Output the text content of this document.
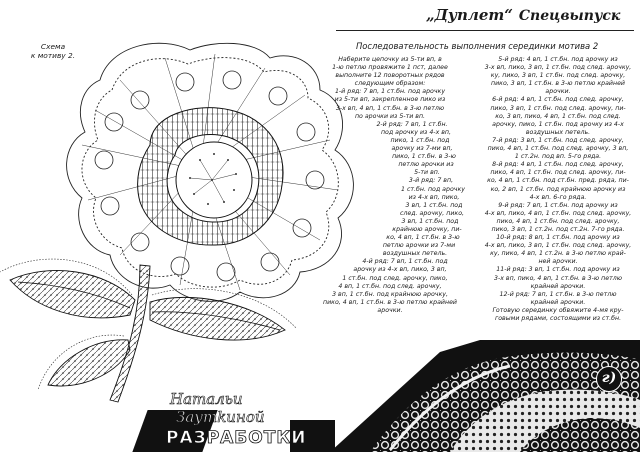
„Дуплет“ Спецвыпуск
Последовательность выполнения серединки мотива 2
Схема
к мотиву 2.	Наберите цепочку из 5-ти вп, в

1-ю петлю провяжите 1 пст, далее

выполните 12 поворотных рядов

следующим образом:

1-й ряд: 7 вп, 1 ст.бн. под арочку

из 5-ти вп, закрепленное пико из

3-х вп, 4 вп, 1 ст.бн. в 3-ю петлю

по арочки из 5-ти вп.

2-й ряд: 7 вп, 1 ст.бн.

под арочку из 4-х вп,

пико, 1 ст.бн. под

арочку из 7-ми вп,

пико, 1 ст.бн. в 3-ю

петлю арочки из

5-ти вп.

3-й ряд: 7 вп,

1 ст.бн. под арочку

из 4-х вп, пико,

3 вп, 1 ст.бн. под

след. арочку, пико,

3 вп, 1 ст.бн. под

крайнюю арочку, пи-

ко, 4 вп, 1 ст.бн. в 3-ю

петлю арочки из 7-ми

воздушных петель.

4-й ряд: 7 вп, 1 ст.бн. под

арочку из 4-х вп, пико, 3 вп,

1 ст.бн. под след. арочку, пико,

4 вп, 1 ст.бн. под след. арочку,

3 вп, 1 ст.бн. под крайнюю арочку,

пико, 4 вп, 1 ст.бн. в 3-ю петлю крайней

арочки.

5-й ряд: 4 вп, 1 ст.бн. под арочку из

3-х вп, пико, 3 вп, 1 ст.бн. под след. арочку,

ку, пико, 3 вп, 1 ст.бн. под след. арочку,

пико, 3 вп, 1 ст.бн. в 3-ю петлю крайней

арочки.

6-й ряд: 4 вп, 1 ст.бн. под след. арочку,

пико, 3 вп, 1 ст.бн. под след. арочку, пи-

ко, 3 вп, пико, 4 вп, 1 ст.бн. под след.

арочку, пико, 1 ст.бн. под арочку из 4-х

воздушных петель.

7-й ряд: 3 вп, 1 ст.бн. под след. арочку,

пико, 4 вп, 1 ст.бн. под след. арочку, 3 вп,

1 ст.2н. под вп. 5-го ряда.

8-й ряд: 4 вп, 1 ст.бн. под след. арочку,

пико, 4 вп, 1 ст.бн. под след. арочку, пи-

ко, 4 вп, 1 ст.бн. под ст.бн. пред. ряда, пи-

ко, 2 вп, 1 ст.бн. под крайнюю арочку из

4-х вп. 6-го ряда.

9-й ряд: 7 вп, 1 ст.бн. под арочку из

4-х вп, пико, 4 вп, 1 ст.бн. под след. арочку,

пико, 4 вп, 1 ст.бн. под след. арочку,

пико, 3 вп, 1 ст.2н. под ст.2н. 7-го ряда.

10-й ряд: 8 вп, 1 ст.бн. под арочку из

4-х вп, пико, 3 вп, 1 ст.бн. под след. арочку,

ку, пико, 4 вп, 1 ст.2н. в 3-ю петлю край-

ней арочки.

11-й ряд: 3 вп, 1 ст.бн. под арочку из

3-х вп, пико, 4 вп, 1 ст.бн. в 3-ю петлю

крайней арочки.

12-й ряд: 7 вп, 1 ст.бн. в 3-ю петлю

крайней арочки.

Готовую серединку обвяжите 4-мя кру-

говыми рядами, состоящими из ст.бн.

г)
Натальи
Заутkиной
РАЗРАБОТКИ
